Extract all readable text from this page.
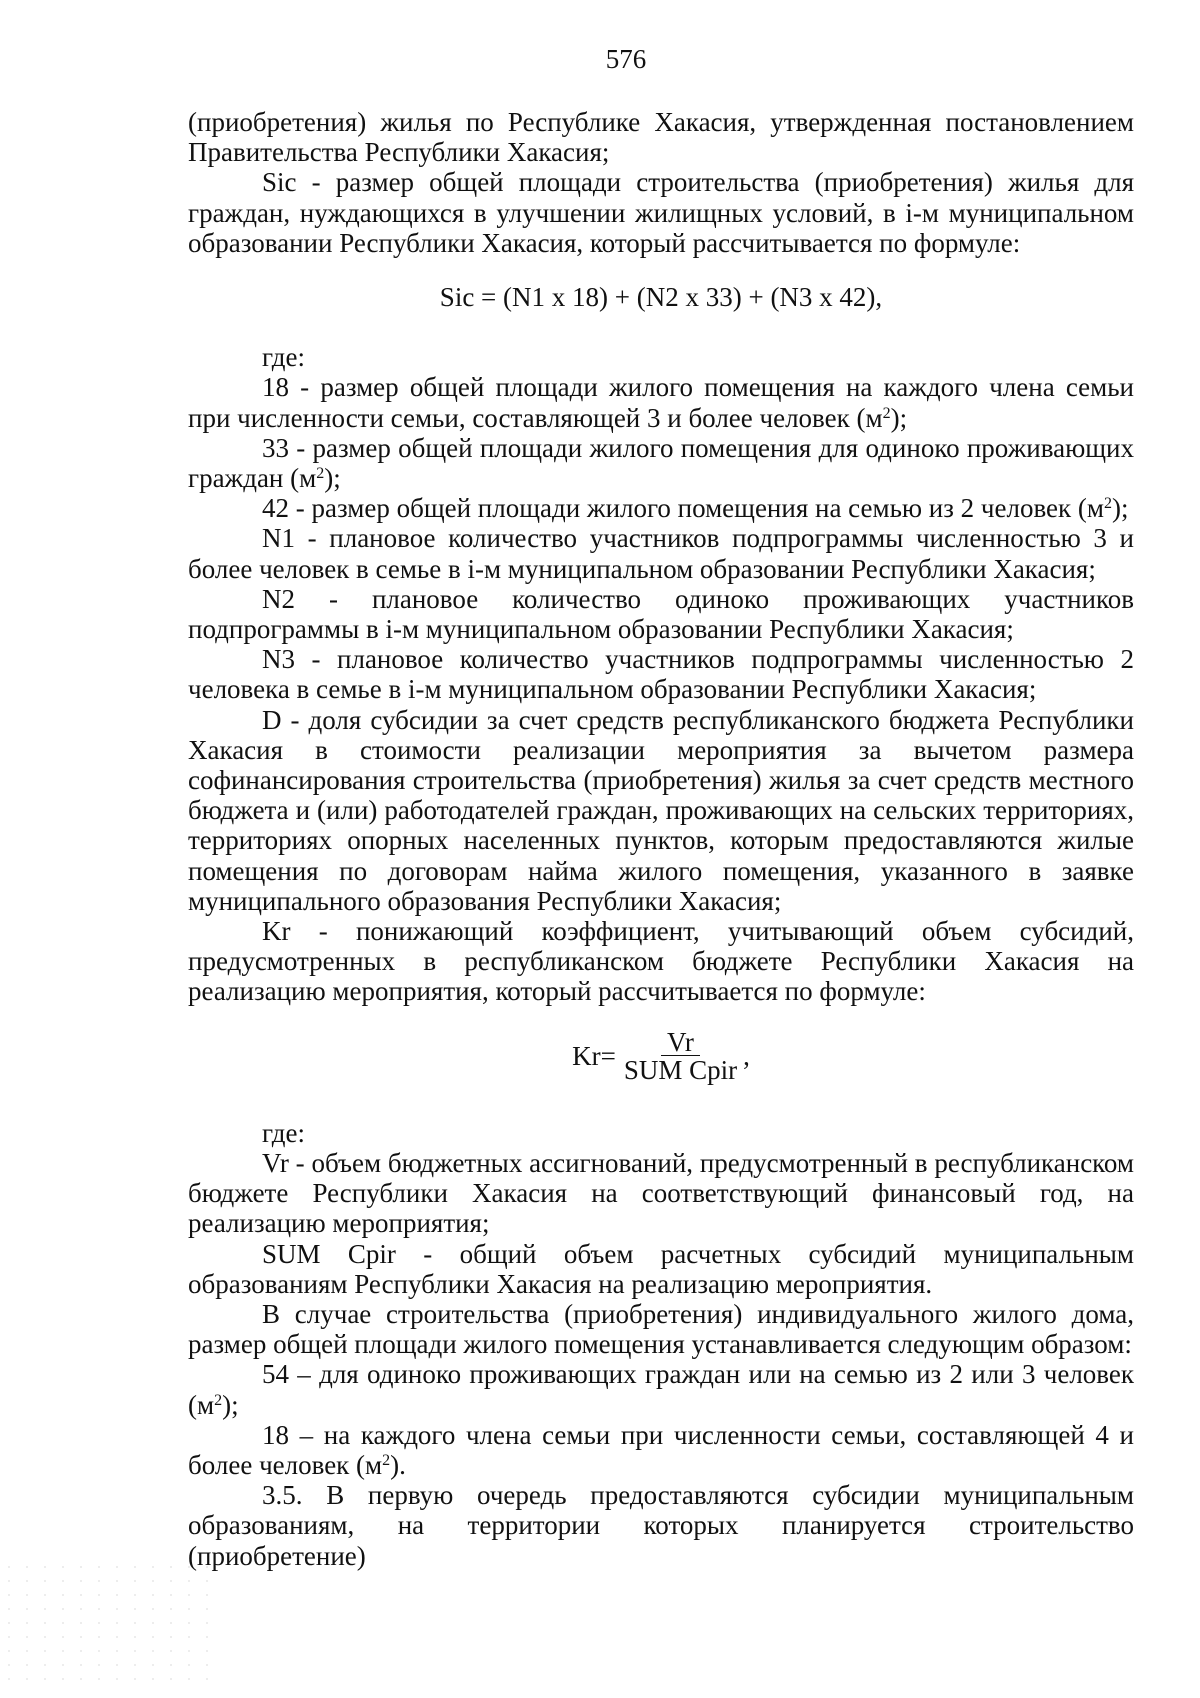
576

(приобретения) жилья по Республике Хакасия, утвержденная постановлением Правительства Республики Хакасия;

Sic - размер общей площади строительства (приобретения) жилья для граждан, нуждающихся в улучшении жилищных условий, в i-м муниципальном образовании Республики Хакасия, который рассчитывается по формуле:

Sic = (N1 x 18) + (N2 x 33) + (N3 x 42),

где:

18 - размер общей площади жилого помещения на каждого члена семьи при численности семьи, составляющей 3 и более человек $(м^2)$;

33 - размер общей площади жилого помещения для одиноко проживающих граждан $(м^2)$;

42 - размер общей площади жилого помещения на семью из 2 человек $(м^2)$;

N1 - плановое количество участников подпрограммы численностью 3 и более человек в семье в i-м муниципальном образовании Республики Хакасия;

N2 - плановое количество одиноко проживающих участников подпрограммы в i-м муниципальном образовании Республики Хакасия;

N3 - плановое количество участников подпрограммы численностью 2 человека в семье в i-м муниципальном образовании Республики Хакасия;

D - доля субсидии за счет средств республиканского бюджета Республики Хакасия в стоимости реализации мероприятия за вычетом размера софинансирования строительства (приобретения) жилья за счет средств местного бюджета и (или) работодателей граждан, проживающих на сельских территориях, территориях опорных населенных пунктов, которым предоставляются жилые помещения по договорам найма жилого помещения, указанного в заявке муниципального образования Республики Хакасия;

Kr - понижающий коэффициент, учитывающий объем субсидий, предусмотренных в республиканском бюджете Республики Хакасия на реализацию мероприятия, который рассчитывается по формуле:

$Kr= \frac{Vr}{\text{SUM Cpir}}$ ,

где:

Vr - объем бюджетных ассигнований, предусмотренный в республиканском бюджете Республики Хакасия на соответствующий финансовый год, на реализацию мероприятия;

SUM Cpir - общий объем расчетных субсидий муниципальным образованиям Республики Хакасия на реализацию мероприятия.

В случае строительства (приобретения) индивидуального жилого дома, размер общей площади жилого помещения устанавливается следующим образом:

54 – для одиноко проживающих граждан или на семью из 2 или 3 человек $(м^2)$;

18 – на каждого члена семьи при численности семьи, составляющей 4 и более человек $(м^2)$.

3.5. В первую очередь предоставляются субсидии муниципальным образованиям, на территории которых планируется строительство (приобретение)
